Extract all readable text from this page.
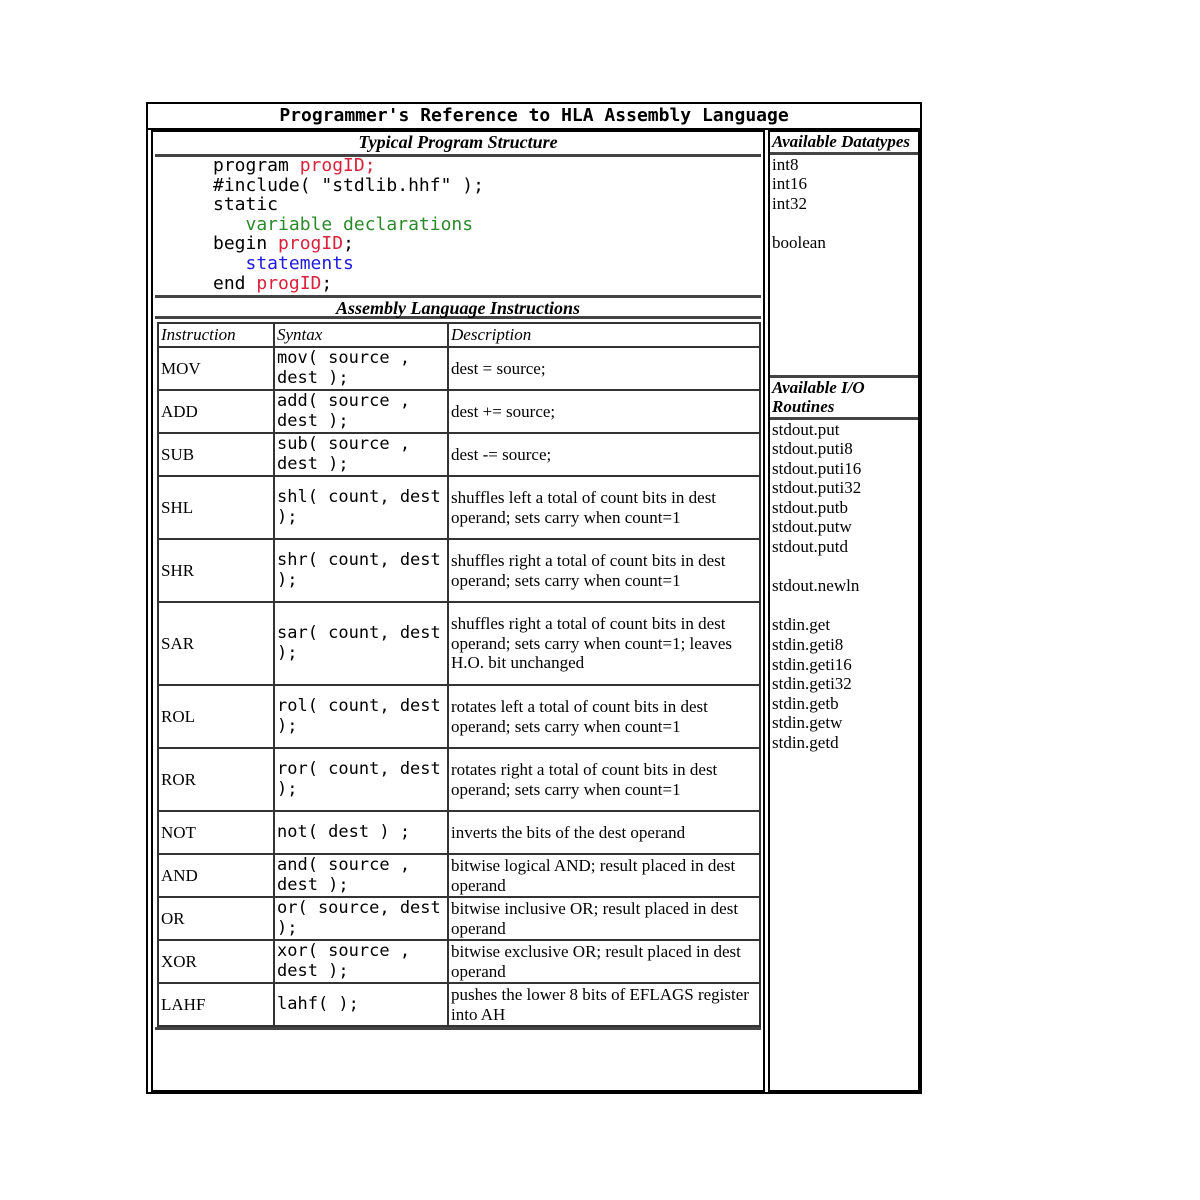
Programmer's Reference to HLA Assembly Language
Typical Program Structure
program progID;
#include( "stdlib.hhf" );
static
variable declarations
begin progID;
statements
end progID;
Assembly Language Instructions
Instruction	Syntax	Description
MOV	mov( source , dest );	dest = source;
ADD	add( source , dest );	dest += source;
SUB	sub( source , dest );	dest -= source;
SHL	shl( count, dest );	shuffles left a total of count bits in dest operand; sets carry when count=1
SHR	shr( count, dest );	shuffles right a total of count bits in dest operand; sets carry when count=1
SAR	sar( count, dest );	shuffles right a total of count bits in dest operand; sets carry when count=1; leaves H.O. bit unchanged
ROL	rol( count, dest );	rotates left a total of count bits in dest operand; sets carry when count=1
ROR	ror( count, dest );	rotates right a total of count bits in dest operand; sets carry when count=1
NOT	not( dest ) ;	inverts the bits of the dest operand
AND	and( source , dest );	bitwise logical AND; result placed in dest operand
OR	or( source, dest );	bitwise inclusive OR; result placed in dest operand
XOR	xor( source , dest );	bitwise exclusive OR; result placed in dest operand
LAHF	lahf( );	pushes the lower 8 bits of EFLAGS register into AH
Available Datatypes
int8
int16
int32
boolean
Available I/O Routines
stdout.put
stdout.puti8
stdout.puti16
stdout.puti32
stdout.putb
stdout.putw
stdout.putd
stdout.newln
stdin.get
stdin.geti8
stdin.geti16
stdin.geti32
stdin.getb
stdin.getw
stdin.getd
